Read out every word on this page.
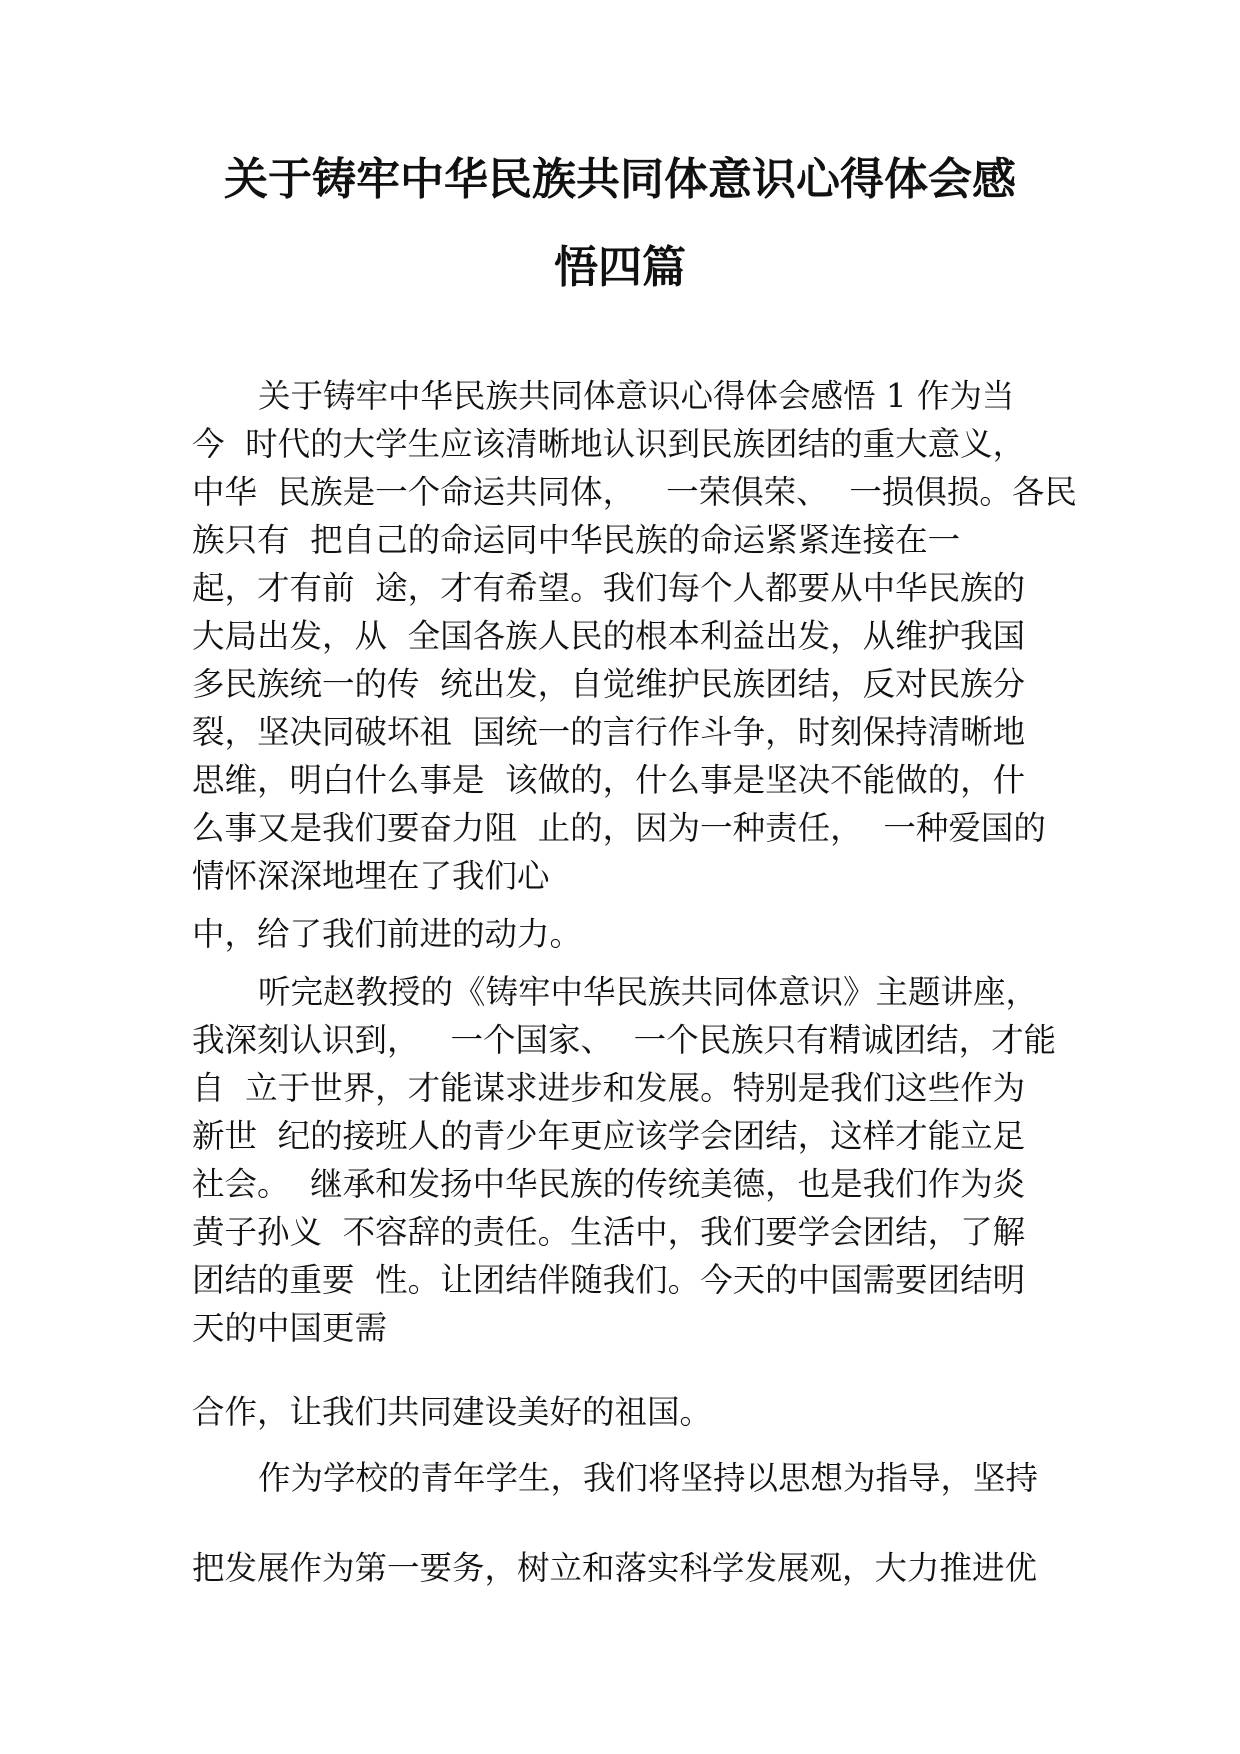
关于铸牢中华民族共同体意识心得体会感
悟四篇

关于铸牢中华民族共同体意识心得体会感悟 1 作为当

今  时代的大学生应该清晰地认识到民族团结的重大意义，

中华  民族是一个命运共同体，   一荣俱荣、  一损俱损。各民

族只有  把自己的命运同中华民族的命运紧紧连接在一

起，才有前  途，才有希望。我们每个人都要从中华民族的

大局出发，从  全国各族人民的根本利益出发，从维护我国

多民族统一的传  统出发，自觉维护民族团结，反对民族分

裂，坚决同破坏祖  国统一的言行作斗争，时刻保持清晰地

思维，明白什么事是  该做的，什么事是坚决不能做的，什

么事又是我们要奋力阻  止的，因为一种责任，  一种爱国的

情怀深深地埋在了我们心

中，给了我们前进的动力。

听完赵教授的《铸牢中华民族共同体意识》主题讲座，

我深刻认识到，   一个国家、  一个民族只有精诚团结，才能

自  立于世界，才能谋求进步和发展。特别是我们这些作为

新世  纪的接班人的青少年更应该学会团结，这样才能立足

社会。  继承和发扬中华民族的传统美德，也是我们作为炎

黄子孙义  不容辞的责任。生活中，我们要学会团结，了解

团结的重要  性。让团结伴随我们。今天的中国需要团结明

天的中国更需

合作，让我们共同建设美好的祖国。

作为学校的青年学生，我们将坚持以思想为指导，坚持

把发展作为第一要务，树立和落实科学发展观，大力推进优
